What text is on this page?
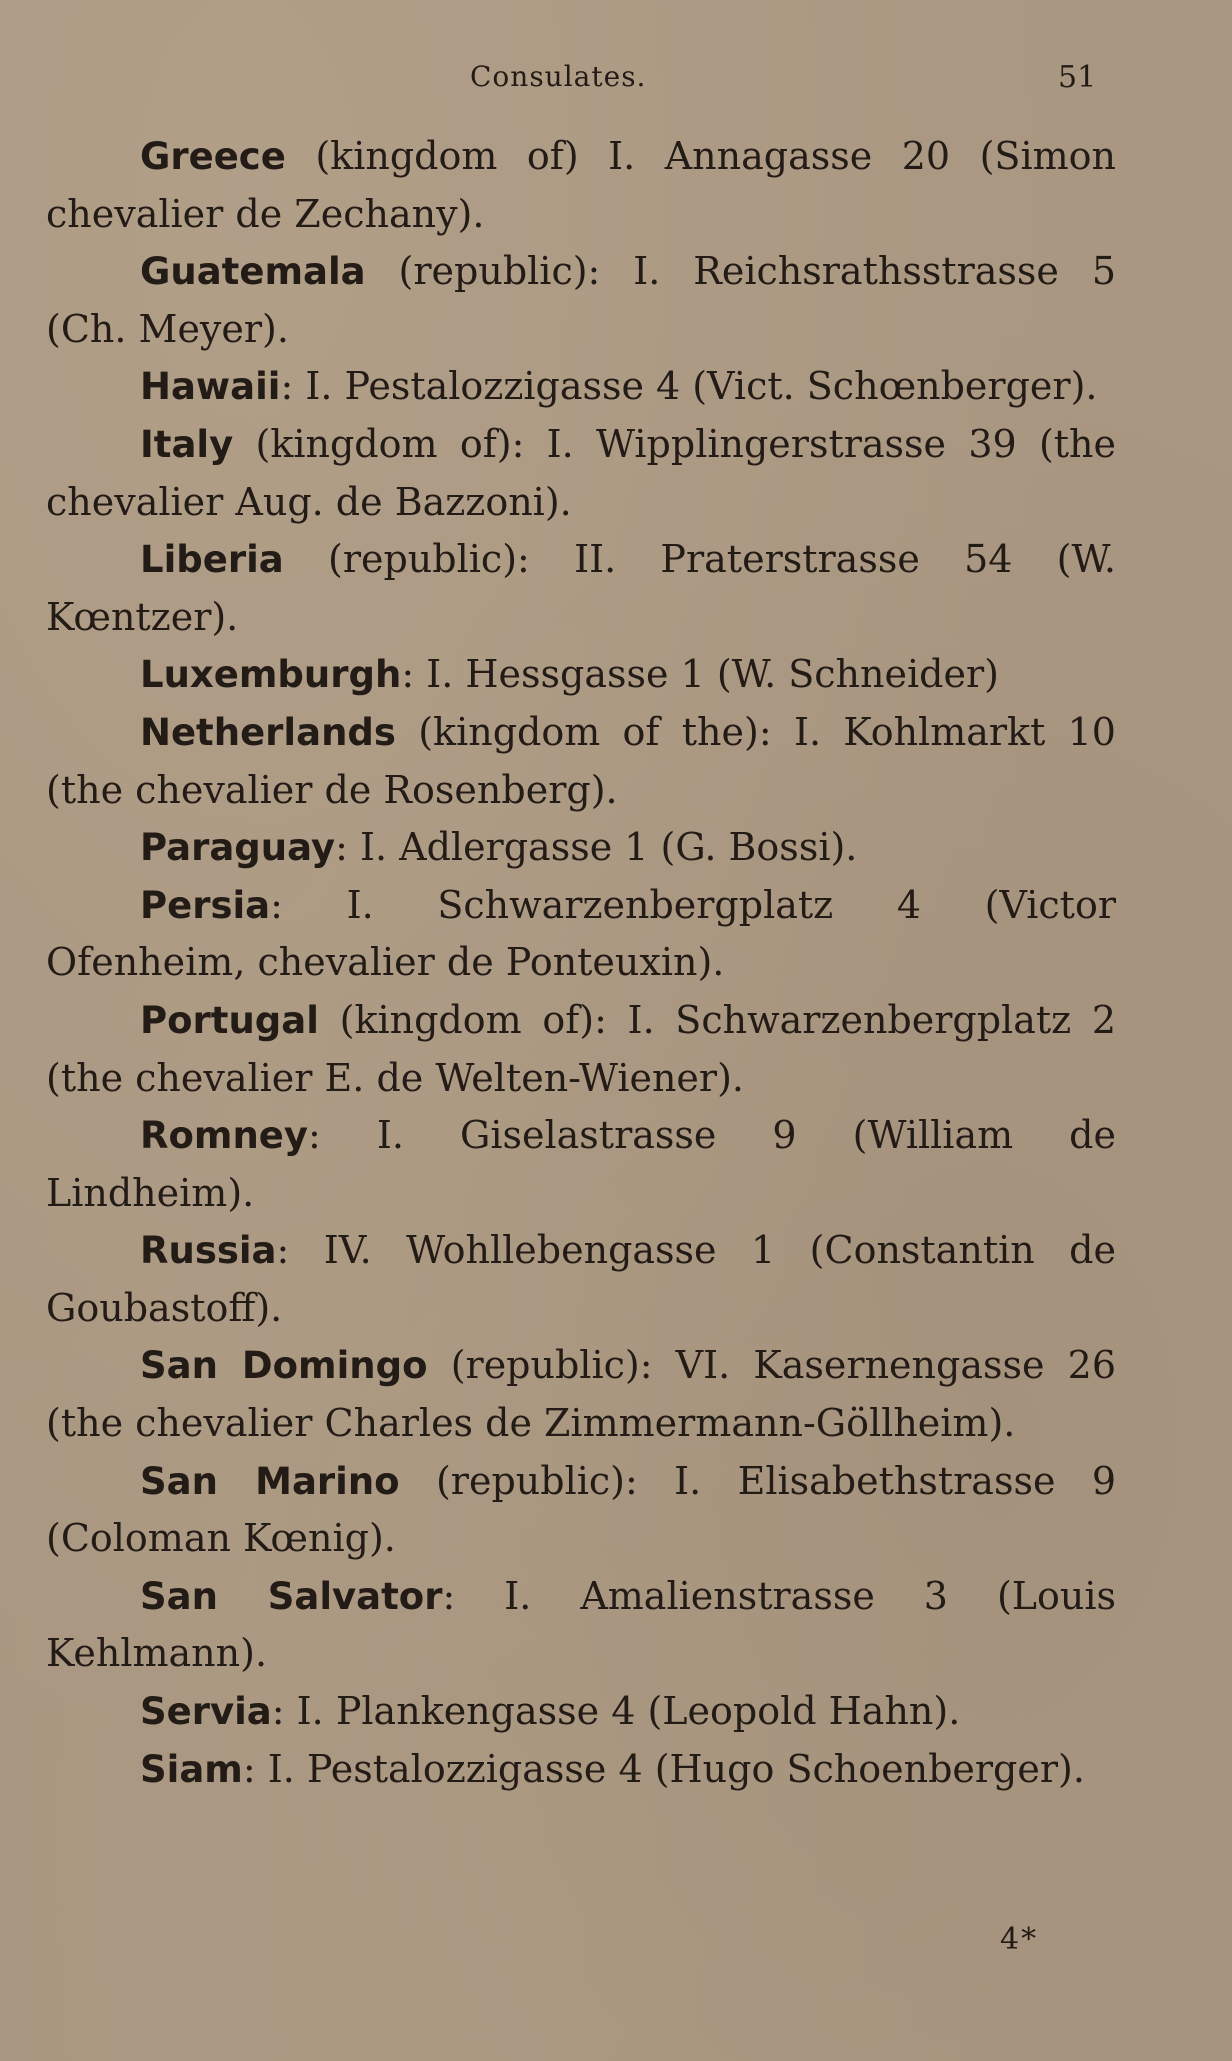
Consulates.	51

Greece (kingdom of) I. Annagasse 20 (Simon chevalier de Zechany).

Guatemala (republic): I. Reichsrathsstrasse 5 (Ch. Meyer).

Hawaii: I. Pestalozzigasse 4 (Vict. Schœnberger).

Italy (kingdom of): I. Wipplingerstrasse 39 (the chevalier Aug. de Bazzoni).

Liberia (republic): II. Praterstrasse 54 (W. Kœntzer).

Luxemburgh: I. Hessgasse 1 (W. Schneider)

Netherlands (kingdom of the): I. Kohlmarkt 10 (the chevalier de Rosenberg).

Paraguay: I. Adlergasse 1 (G. Bossi).

Persia: I. Schwarzenbergplatz 4 (Victor Ofenheim, chevalier de Ponteuxin).

Portugal (kingdom of): I. Schwarzenbergplatz 2 (the chevalier E. de Welten-Wiener).

Romney: I. Giselastrasse 9 (William de Lindheim).

Russia: IV. Wohllebengasse 1 (Constantin de Goubastoff).

San Domingo (republic): VI. Kasernengasse 26 (the chevalier Charles de Zimmermann-Göllheim).

San Marino (republic): I. Elisabethstrasse 9 (Coloman Kœnig).

San Salvator: I. Amalienstrasse 3 (Louis Kehlmann).

Servia: I. Plankengasse 4 (Leopold Hahn).

Siam: I. Pestalozzigasse 4 (Hugo Schoenberger).

4*
